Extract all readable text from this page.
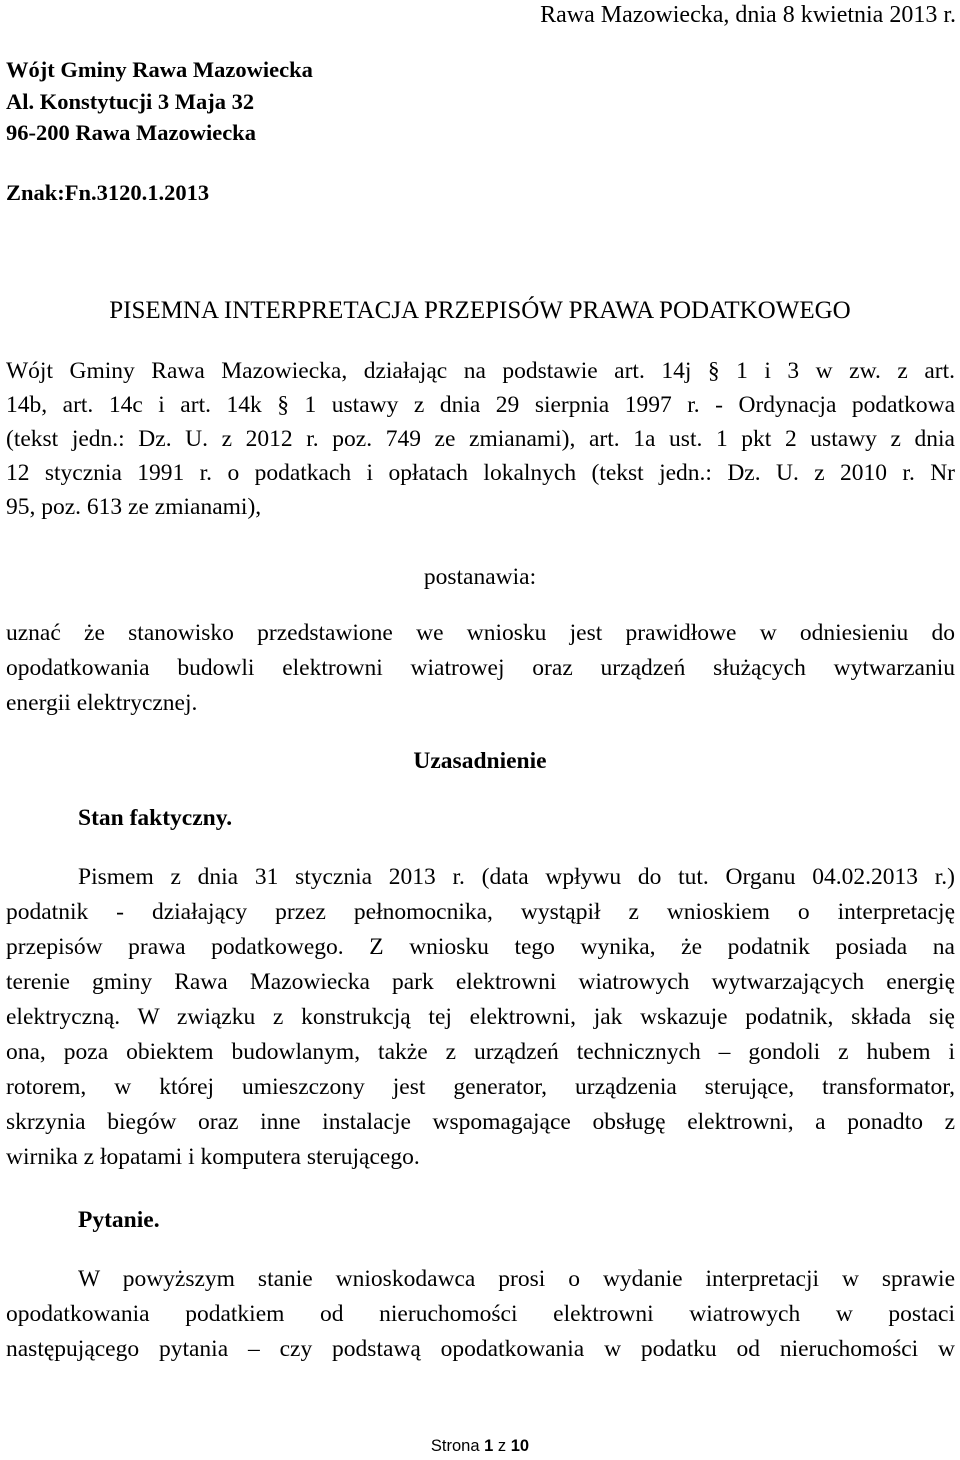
Rawa Mazowiecka, dnia 8 kwietnia 2013 r.
Wójt Gminy Rawa Mazowiecka
Al. Konstytucji 3 Maja 32
96-200 Rawa Mazowiecka
Znak:Fn.3120.1.2013
PISEMNA INTERPRETACJA PRZEPISÓW PRAWA PODATKOWEGO
Wójt Gminy Rawa Mazowiecka, działając na podstawie art. 14j § 1 i 3 w zw. z art.
14b, art. 14c i art. 14k § 1 ustawy z dnia 29 sierpnia 1997 r. - Ordynacja podatkowa
(tekst jedn.: Dz. U. z 2012 r. poz. 749 ze zmianami), art. 1a ust. 1 pkt 2 ustawy z dnia
12 stycznia 1991 r. o podatkach i opłatach lokalnych (tekst jedn.: Dz. U. z 2010 r. Nr
95, poz. 613 ze zmianami),
postanawia:
uznać że stanowisko przedstawione we wniosku jest prawidłowe w odniesieniu do
opodatkowania budowli elektrowni wiatrowej oraz urządzeń służących wytwarzaniu
energii elektrycznej.
Uzasadnienie
Stan faktyczny.
Pismem z dnia 31 stycznia 2013 r. (data wpływu do tut. Organu 04.02.2013 r.)
podatnik - działający przez pełnomocnika, wystąpił z wnioskiem o interpretację
przepisów prawa podatkowego. Z wniosku tego wynika, że podatnik posiada na
terenie gminy Rawa Mazowiecka park elektrowni wiatrowych wytwarzających energię
elektryczną. W związku z konstrukcją tej elektrowni, jak wskazuje podatnik, składa się
ona, poza obiektem budowlanym, także z urządzeń technicznych – gondoli z hubem i
rotorem, w której umieszczony jest generator, urządzenia sterujące, transformator,
skrzynia biegów oraz inne instalacje wspomagające obsługę elektrowni, a ponadto z
wirnika z łopatami i komputera sterującego.
Pytanie.
W powyższym stanie wnioskodawca prosi o wydanie interpretacji w sprawie
opodatkowania podatkiem od nieruchomości elektrowni wiatrowych w postaci
następującego pytania – czy podstawą opodatkowania w podatku od nieruchomości w
Strona 1 z 10
